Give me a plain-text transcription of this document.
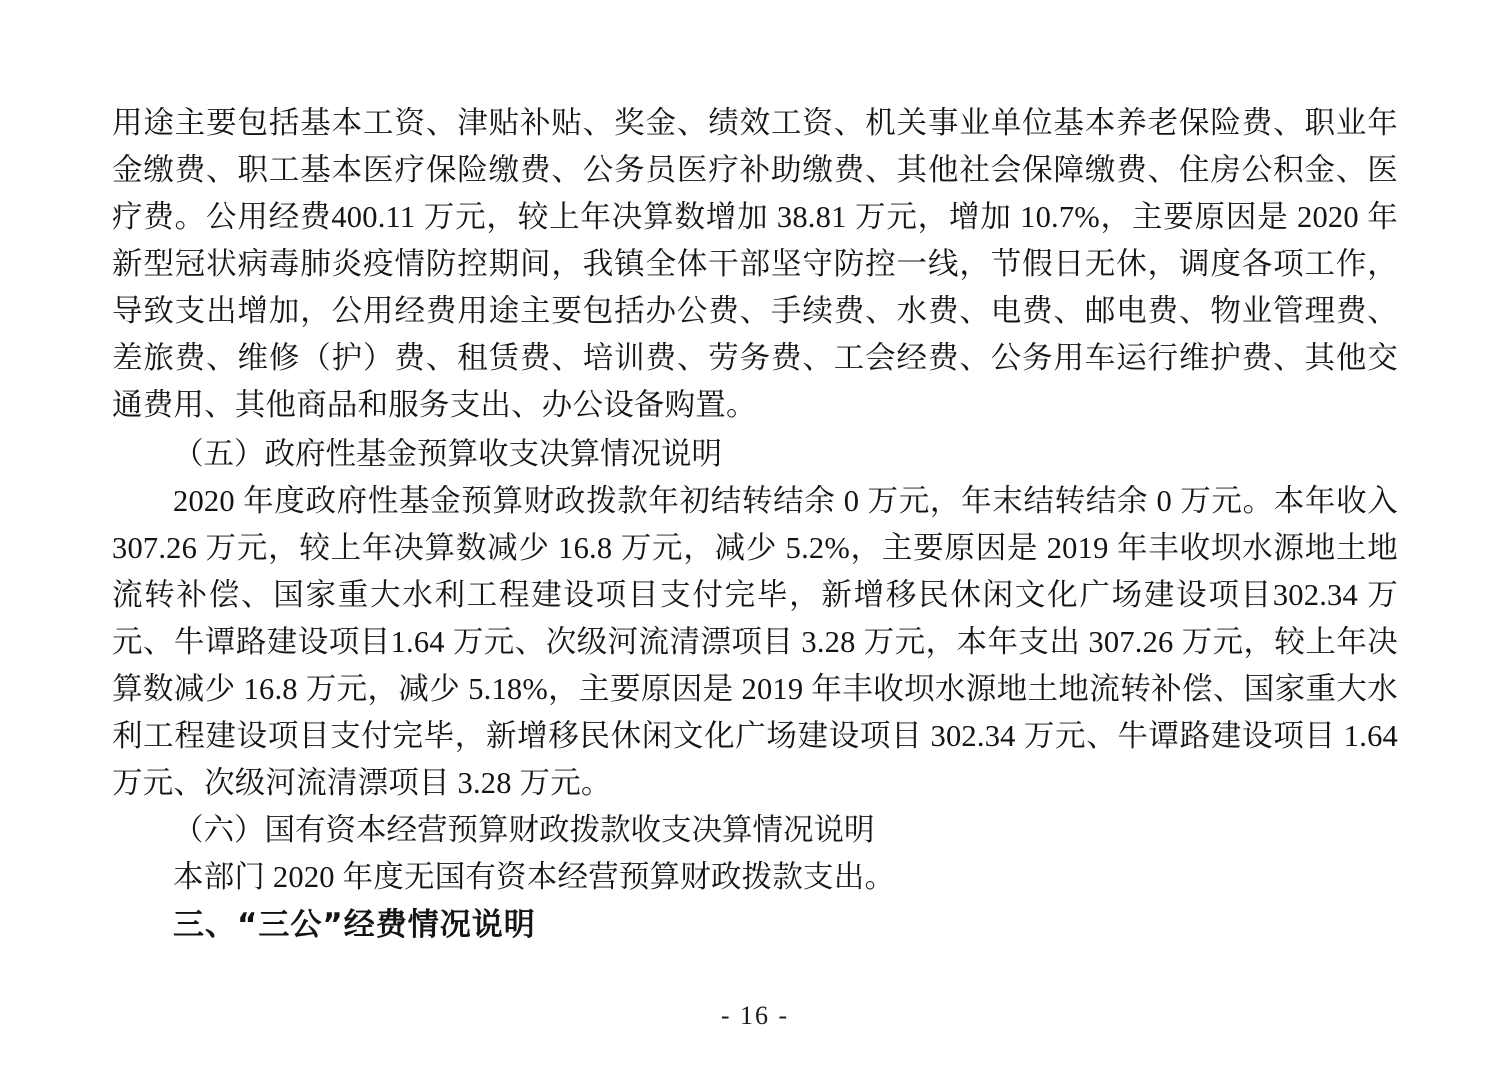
用途主要包括基本工资、津贴补贴、奖金、绩效工资、机关事业单位基本养老保险费、职业年金缴费、职工基本医疗保险缴费、公务员医疗补助缴费、其他社会保障缴费、住房公积金、医疗费。公用经费400.11 万元，较上年决算数增加 38.81 万元，增加 10.7%，主要原因是 2020 年新型冠状病毒肺炎疫情防控期间，我镇全体干部坚守防控一线，节假日无休，调度各项工作，导致支出增加，公用经费用途主要包括办公费、手续费、水费、电费、邮电费、物业管理费、差旅费、维修（护）费、租赁费、培训费、劳务费、工会经费、公务用车运行维护费、其他交通费用、其他商品和服务支出、办公设备购置。

（五）政府性基金预算收支决算情况说明

2020 年度政府性基金预算财政拨款年初结转结余 0 万元，年末结转结余 0 万元。本年收入 307.26 万元，较上年决算数减少 16.8 万元，减少 5.2%，主要原因是 2019 年丰收坝水源地土地流转补偿、国家重大水利工程建设项目支付完毕，新增移民休闲文化广场建设项目302.34 万元、牛谭路建设项目1.64 万元、次级河流清漂项目 3.28 万元，本年支出 307.26 万元，较上年决算数减少 16.8 万元，减少 5.18%，主要原因是 2019 年丰收坝水源地土地流转补偿、国家重大水利工程建设项目支付完毕，新增移民休闲文化广场建设项目 302.34 万元、牛谭路建设项目 1.64 万元、次级河流清漂项目 3.28 万元。

（六）国有资本经营预算财政拨款收支决算情况说明

本部门 2020 年度无国有资本经营预算财政拨款支出。

三、“三公”经费情况说明
- 16 -
